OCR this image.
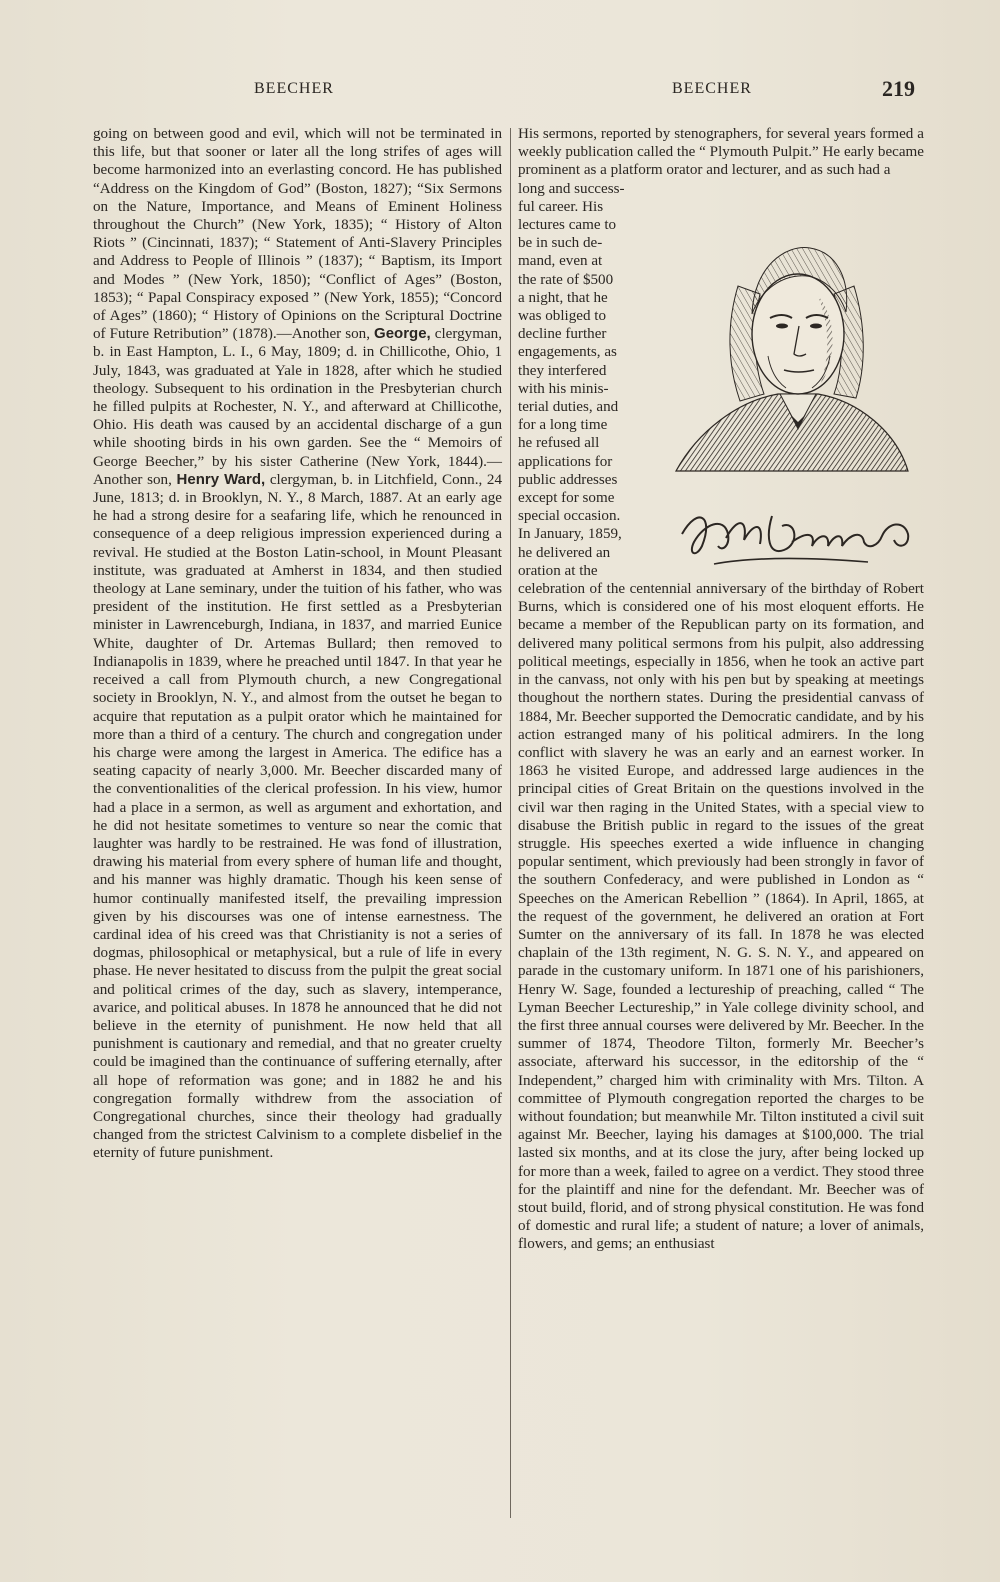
BEECHER	BEECHER	219

going on between good and evil, which will not be terminated in this life, but that sooner or later all the long strifes of ages will become harmonized into an everlasting concord. He has published “Address on the Kingdom of God” (Boston, 1827); “Six Sermons on the Nature, Importance, and Means of Eminent Holiness throughout the Church” (New York, 1835); “ History of Alton Riots ” (Cincinnati, 1837); “ Statement of Anti-Slavery Principles and Address to People of Illinois ” (1837); “ Baptism, its Import and Modes ” (New York, 1850); “Conflict of Ages” (Boston, 1853); “ Papal Conspiracy exposed ” (New York, 1855); “Concord of Ages” (1860); “ History of Opinions on the Scriptural Doctrine of Future Retribution” (1878).—Another son, George, clergyman, b. in East Hampton, L. I., 6 May, 1809; d. in Chillicothe, Ohio, 1 July, 1843, was graduated at Yale in 1828, after which he studied theology. Subsequent to his ordination in the Presbyterian church he filled pulpits at Rochester, N. Y., and afterward at Chillicothe, Ohio. His death was caused by an accidental discharge of a gun while shooting birds in his own garden. See the “ Memoirs of George Beecher,” by his sister Catherine (New York, 1844).—Another son, Henry Ward, clergyman, b. in Litchfield, Conn., 24 June, 1813; d. in Brooklyn, N. Y., 8 March, 1887. At an early age he had a strong desire for a seafaring life, which he renounced in consequence of a deep religious impression experienced during a revival. He studied at the Boston Latin-school, in Mount Pleasant institute, was graduated at Amherst in 1834, and then studied theology at Lane seminary, under the tuition of his father, who was president of the institution. He first settled as a Presbyterian minister in Lawrenceburgh, Indiana, in 1837, and married Eunice White, daughter of Dr. Artemas Bullard; then removed to Indianapolis in 1839, where he preached until 1847. In that year he received a call from Plymouth church, a new Congregational society in Brooklyn, N. Y., and almost from the outset he began to acquire that reputation as a pulpit orator which he maintained for more than a third of a century. The church and congregation under his charge were among the largest in America. The edifice has a seating capacity of nearly 3,000. Mr. Beecher discarded many of the conventionalities of the clerical profession. In his view, humor had a place in a sermon, as well as argument and exhortation, and he did not hesitate sometimes to venture so near the comic that laughter was hardly to be restrained. He was fond of illustration, drawing his material from every sphere of human life and thought, and his manner was highly dramatic. Though his keen sense of humor continually manifested itself, the prevailing impression given by his discourses was one of intense earnestness. The cardinal idea of his creed was that Christianity is not a series of dogmas, philosophical or metaphysical, but a rule of life in every phase. He never hesitated to discuss from the pulpit the great social and political crimes of the day, such as slavery, intemperance, avarice, and political abuses. In 1878 he announced that he did not believe in the eternity of punishment. He now held that all punishment is cautionary and remedial, and that no greater cruelty could be imagined than the continuance of suffering eternally, after all hope of reformation was gone; and in 1882 he and his congregation formally withdrew from the association of Congregational churches, since their theology had gradually changed from the strictest Calvinism to a complete disbelief in the eternity of future punishment.

His sermons, reported by stenographers, for several years formed a weekly publication called the “ Plymouth Pulpit.” He early became prominent as a platform orator and lecturer, and as such had a

long and success-
ful career. His
lectures came to
be in such de-
mand, even at
the rate of $500
a night, that he
was obliged to
decline further
engagements, as
they interfered
with his minis-
terial duties, and
for a long time
he refused all
applications for
public addresses
except for some
special occasion.
In January, 1859,
he delivered an
oration at the

celebration of the centennial anniversary of the birthday of Robert Burns, which is considered one of his most eloquent efforts. He became a member of the Republican party on its formation, and delivered many political sermons from his pulpit, also addressing political meetings, especially in 1856, when he took an active part in the canvass, not only with his pen but by speaking at meetings thoughout the northern states. During the presidential canvass of 1884, Mr. Beecher supported the Democratic candidate, and by his action estranged many of his political admirers. In the long conflict with slavery he was an early and an earnest worker. In 1863 he visited Europe, and addressed large audiences in the principal cities of Great Britain on the questions involved in the civil war then raging in the United States, with a special view to disabuse the British public in regard to the issues of the great struggle. His speeches exerted a wide influence in changing popular sentiment, which previously had been strongly in favor of the southern Confederacy, and were published in London as “ Speeches on the American Rebellion ” (1864). In April, 1865, at the request of the government, he delivered an oration at Fort Sumter on the anniversary of its fall. In 1878 he was elected chaplain of the 13th regiment, N. G. S. N. Y., and appeared on parade in the customary uniform. In 1871 one of his parishioners, Henry W. Sage, founded a lectureship of preaching, called “ The Lyman Beecher Lectureship,” in Yale college divinity school, and the first three annual courses were delivered by Mr. Beecher. In the summer of 1874, Theodore Tilton, formerly Mr. Beecher’s associate, afterward his successor, in the editorship of the “ Independent,” charged him with criminality with Mrs. Tilton. A committee of Plymouth congregation reported the charges to be without foundation; but meanwhile Mr. Tilton instituted a civil suit against Mr. Beecher, laying his damages at $100,000. The trial lasted six months, and at its close the jury, after being locked up for more than a week, failed to agree on a verdict. They stood three for the plaintiff and nine for the defendant. Mr. Beecher was of stout build, florid, and of strong physical constitution. He was fond of domestic and rural life; a student of nature; a lover of animals, flowers, and gems; an enthusiast
